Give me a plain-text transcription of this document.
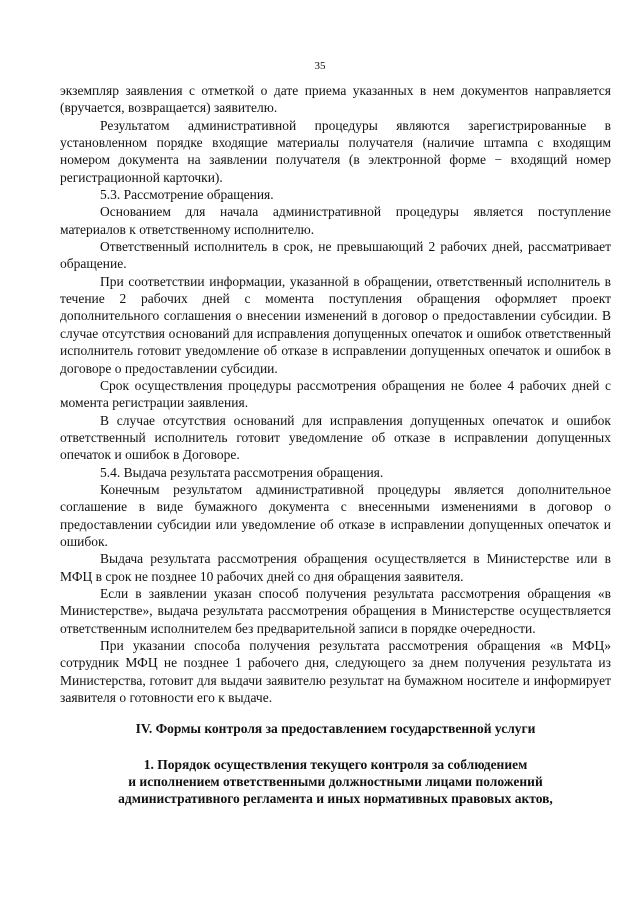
35

экземпляр заявления с отметкой о дате приема указанных в нем документов направляется (вручается, возвращается) заявителю.

Результатом административной процедуры являются зарегистрированные в установленном порядке входящие материалы получателя (наличие штампа с входящим номером документа на заявлении получателя (в электронной форме − входящий номер регистрационной карточки).

5.3. Рассмотрение обращения.

Основанием для начала административной процедуры является поступление материалов к ответственному исполнителю.

Ответственный исполнитель в срок, не превышающий 2 рабочих дней, рассматривает обращение.

При соответствии информации, указанной в обращении, ответственный исполнитель в течение 2 рабочих дней с момента поступления обращения оформляет проект дополнительного соглашения о внесении изменений в договор о предоставлении субсидии. В случае отсутствия оснований для исправления допущенных опечаток и ошибок ответственный исполнитель готовит уведомление об отказе в исправлении допущенных опечаток и ошибок в договоре о предоставлении субсидии.

Срок осуществления процедуры рассмотрения обращения не более 4 рабочих дней с момента регистрации заявления.

В случае отсутствия оснований для исправления допущенных опечаток и ошибок ответственный исполнитель готовит уведомление об отказе в исправлении допущенных опечаток и ошибок в Договоре.

5.4. Выдача результата рассмотрения обращения.

Конечным результатом административной процедуры является дополнительное соглашение в виде бумажного документа с внесенными изменениями в договор о предоставлении субсидии или уведомление об отказе в исправлении допущенных опечаток и ошибок.

Выдача результата рассмотрения обращения осуществляется в Министерстве или в МФЦ в срок не позднее 10 рабочих дней со дня обращения заявителя.

Если в заявлении указан способ получения результата рассмотрения обращения «в Министерстве», выдача результата рассмотрения обращения в Министерстве осуществляется ответственным исполнителем без предварительной записи в порядке очередности.

При указании способа получения результата рассмотрения обращения «в МФЦ» сотрудник МФЦ не позднее 1 рабочего дня, следующего за днем получения результата из Министерства, готовит для выдачи заявителю результат на бумажном носителе и информирует заявителя о готовности его к выдаче.

IV. Формы контроля за предоставлением государственной услуги
1. Порядок осуществления текущего контроля за соблюдением
и исполнением ответственными должностными лицами положений
административного регламента и иных нормативных правовых актов,
